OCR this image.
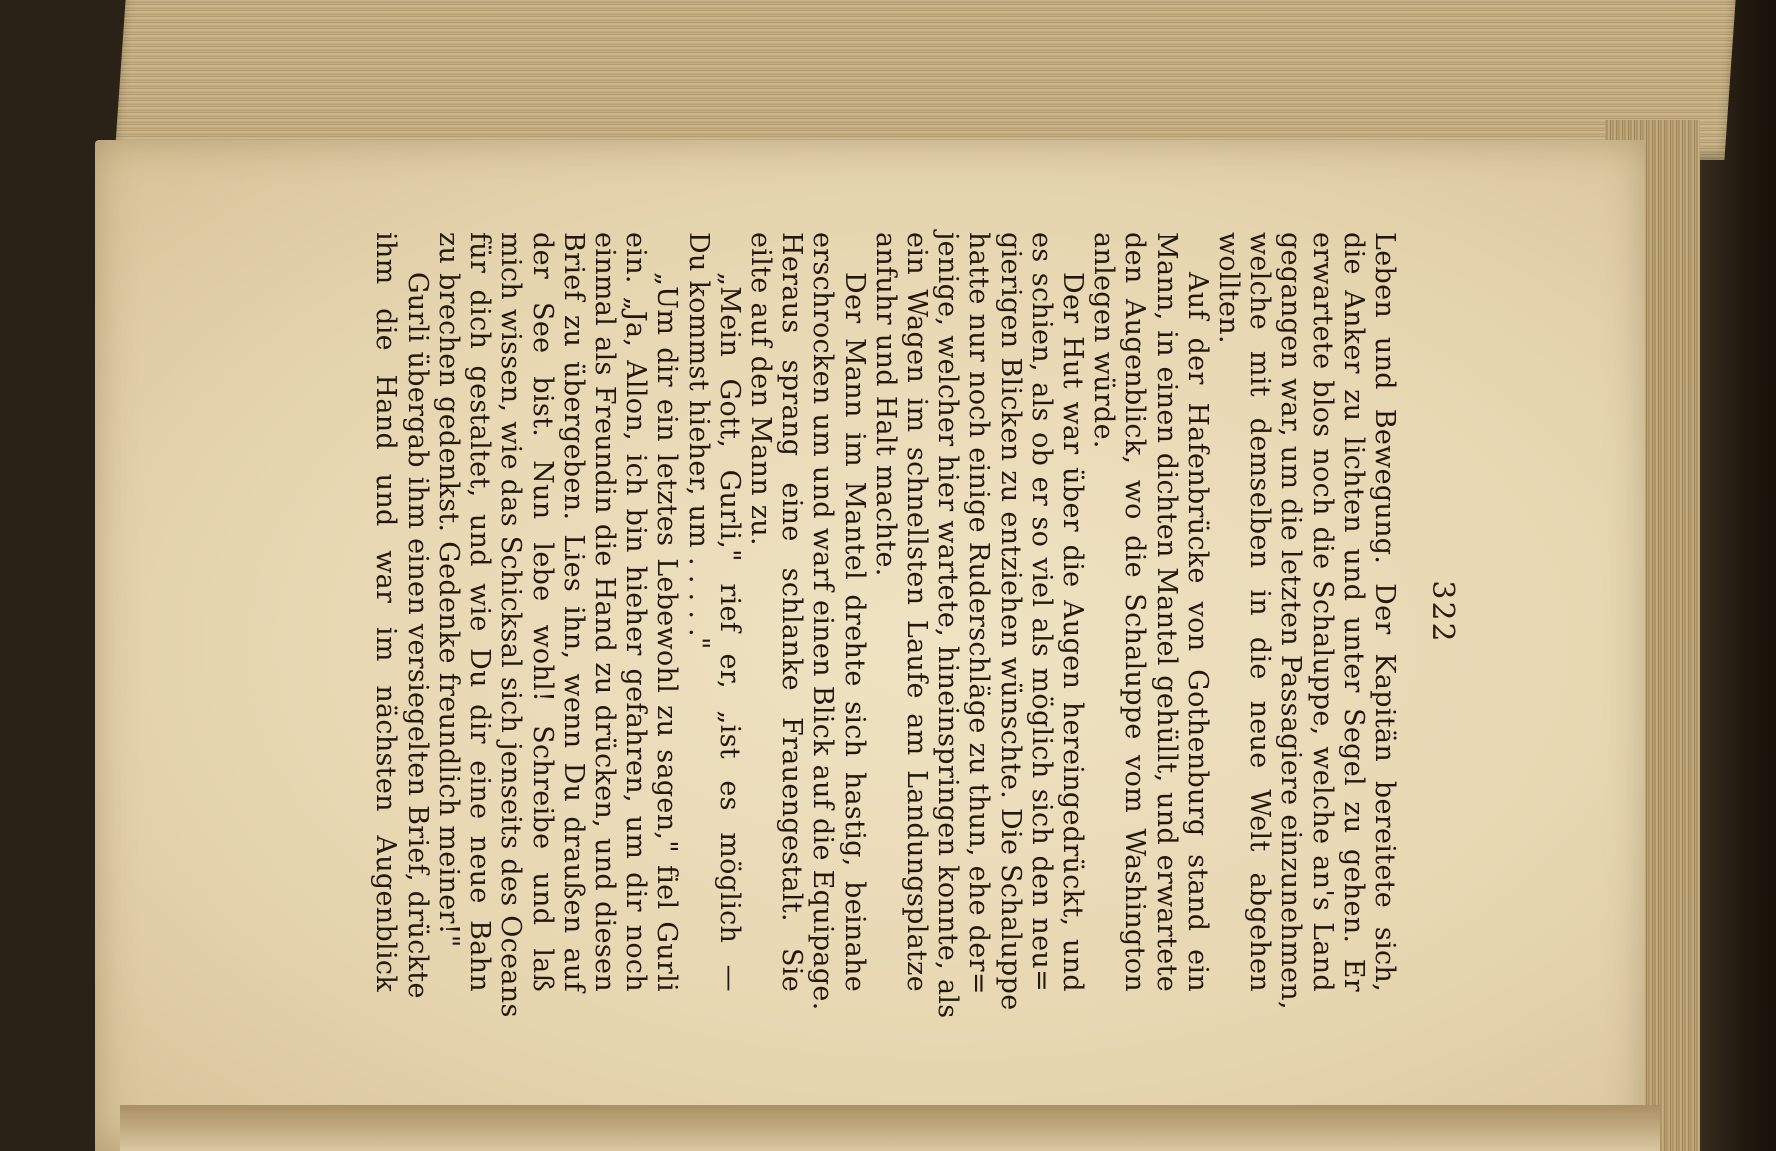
322
Leben und Bewegung. Der Kapitän bereitete sich,
die Anker zu lichten und unter Segel zu gehen. Er
erwartete blos noch die Schaluppe, welche an's Land
gegangen war, um die letzten Passagiere einzunehmen,
welche mit demselben in die neue Welt abgehen
wollten.
Auf der Hafenbrücke von Gothenburg stand ein
Mann, in einen dichten Mantel gehüllt, und erwartete
den Augenblick, wo die Schaluppe vom Washington
anlegen würde.
Der Hut war über die Augen hereingedrückt, und
es schien, als ob er so viel als möglich sich den neu=
gierigen Blicken zu entziehen wünschte. Die Schaluppe
hatte nur noch einige Ruderschläge zu thun, ehe der=
jenige, welcher hier wartete, hineinspringen konnte, als
ein Wagen im schnellsten Laufe am Landungsplatze
anfuhr und Halt machte.
Der Mann im Mantel drehte sich hastig, beinahe
erschrocken um und warf einen Blick auf die Equipage.
Heraus sprang eine schlanke Frauengestalt. Sie
eilte auf den Mann zu.
„Mein Gott, Gurli," rief er, „ist es möglich —
Du kommst hieher, um . . . . ."
„Um dir ein letztes Lebewohl zu sagen," fiel Gurli
ein. „Ja, Allon, ich bin hieher gefahren, um dir noch
einmal als Freundin die Hand zu drücken, und diesen
Brief zu übergeben. Lies ihn, wenn Du draußen auf
der See bist. Nun lebe wohl! Schreibe und laß
mich wissen, wie das Schicksal sich jenseits des Oceans
für dich gestaltet, und wie Du dir eine neue Bahn
zu brechen gedenkst. Gedenke freundlich meiner!"
Gurli übergab ihm einen versiegelten Brief, drückte
ihm die Hand und war im nächsten Augenblick
